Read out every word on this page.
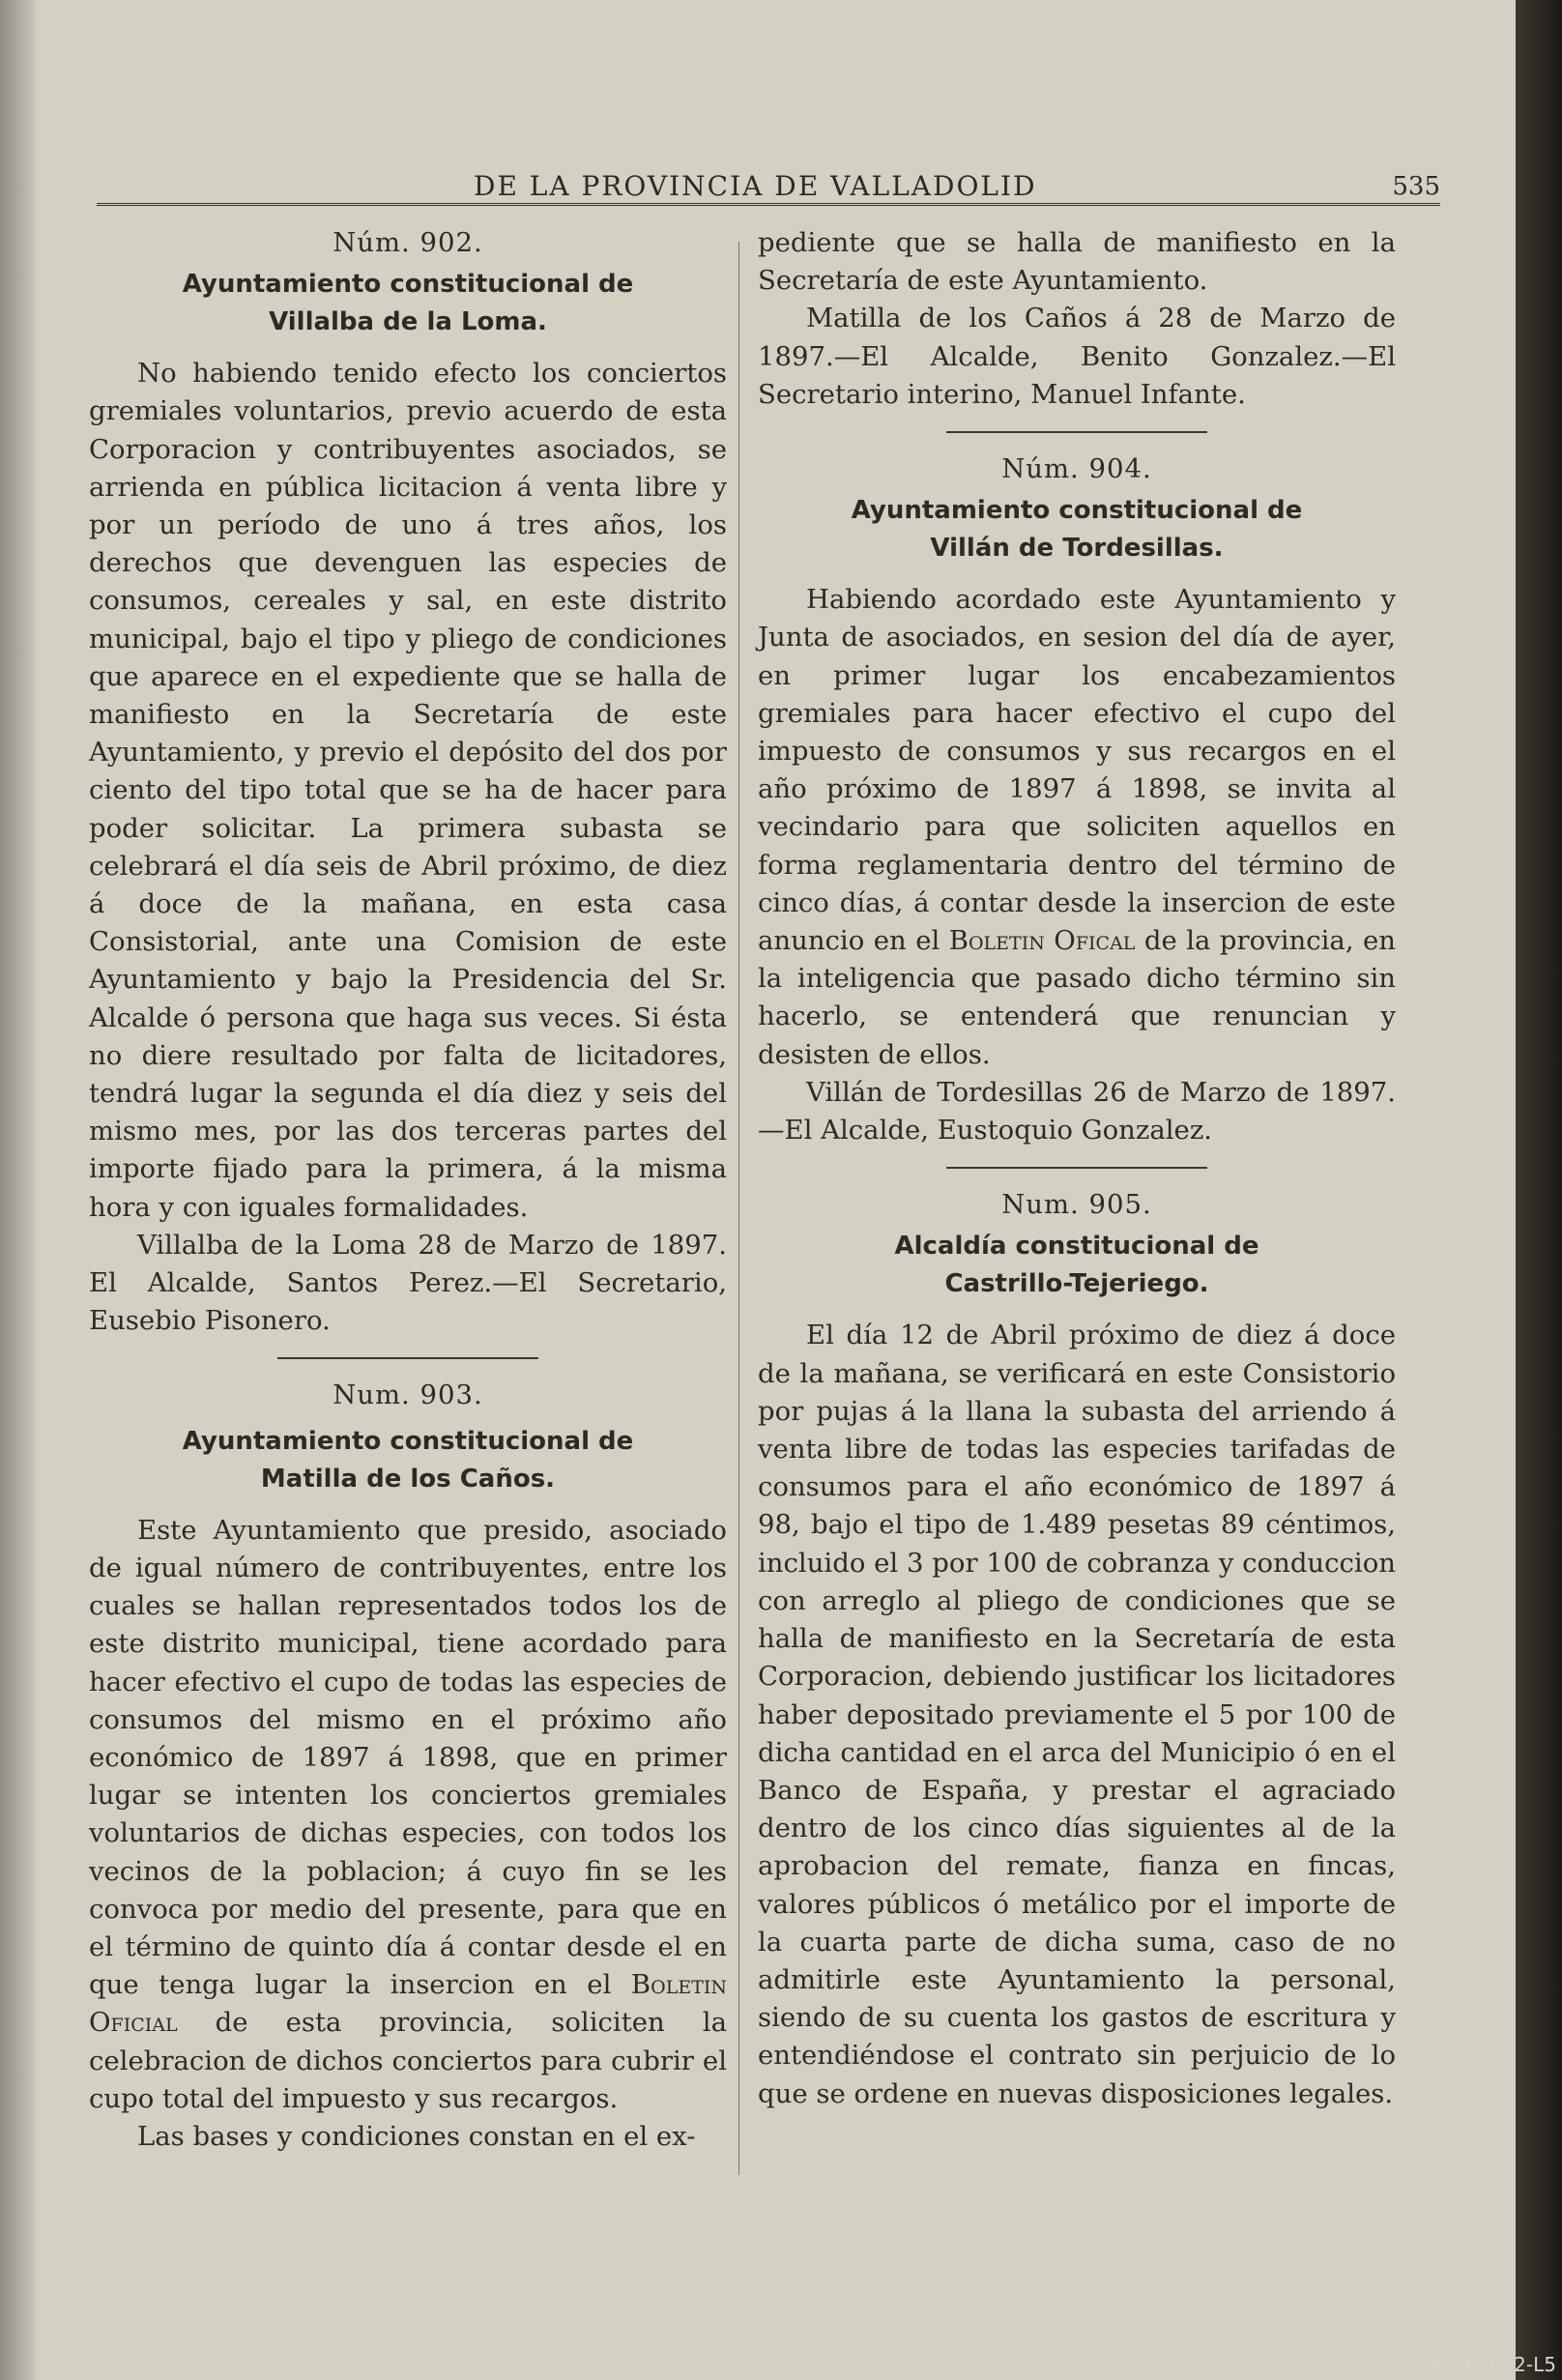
DE LA PROVINCIA DE VALLADOLID	535

Núm. 902.

Ayuntamiento constitucional de

Villalba de la Loma.

No habiendo tenido efecto los conciertos gremiales voluntarios, previo acuerdo de esta Corporacion y contribuyentes asociados, se arrienda en pública licitacion á venta libre y por un período de uno á tres años, los derechos que devenguen las especies de consumos, cereales y sal, en este distrito municipal, bajo el tipo y pliego de condiciones que aparece en el expediente que se halla de manifiesto en la Secretaría de este Ayuntamiento, y previo el depósito del dos por ciento del tipo total que se ha de hacer para poder solicitar. La primera subasta se celebrará el día seis de Abril próximo, de diez á doce de la mañana, en esta casa Consistorial, ante una Comision de este Ayuntamiento y bajo la Presidencia del Sr. Alcalde ó persona que haga sus veces. Si ésta no diere resultado por falta de licitadores, tendrá lugar la segunda el día diez y seis del mismo mes, por las dos terceras partes del importe fijado para la primera, á la misma hora y con iguales formalidades.

Villalba de la Loma 28 de Marzo de 1897. El Alcalde, Santos Perez.—El Secretario, Eusebio Pisonero.

Num. 903.

Ayuntamiento constitucional de

Matilla de los Caños.

Este Ayuntamiento que presido, asociado de igual número de contribuyentes, entre los cuales se hallan representados todos los de este distrito municipal, tiene acordado para hacer efectivo el cupo de todas las especies de consumos del mismo en el próximo año económico de 1897 á 1898, que en primer lugar se intenten los conciertos gremiales voluntarios de dichas especies, con todos los vecinos de la poblacion; á cuyo fin se les convoca por medio del presente, para que en el término de quinto día á contar desde el en que tenga lugar la insercion en el Boletin Oficial de esta provincia, soliciten la celebracion de dichos conciertos para cubrir el cupo total del impuesto y sus recargos.

Las bases y condiciones constan en el ex-

pediente que se halla de manifiesto en la Secretaría de este Ayuntamiento.

Matilla de los Caños á 28 de Marzo de 1897.—El Alcalde, Benito Gonzalez.—El Secretario interino, Manuel Infante.

Núm. 904.

Ayuntamiento constitucional de

Villán de Tordesillas.

Habiendo acordado este Ayuntamiento y Junta de asociados, en sesion del día de ayer, en primer lugar los encabezamientos gremiales para hacer efectivo el cupo del impuesto de consumos y sus recargos en el año próximo de 1897 á 1898, se invita al vecindario para que soliciten aquellos en forma reglamentaria dentro del término de cinco días, á contar desde la insercion de este anuncio en el Boletin Ofical de la provincia, en la inteligencia que pasado dicho término sin hacerlo, se entenderá que renuncian y desisten de ellos.

Villán de Tordesillas 26 de Marzo de 1897. —El Alcalde, Eustoquio Gonzalez.

Num. 905.

Alcaldía constitucional de

Castrillo-Tejeriego.

El día 12 de Abril próximo de diez á doce de la mañana, se verificará en este Consistorio por pujas á la llana la subasta del arriendo á venta libre de todas las especies tarifadas de consumos para el año económico de 1897 á 98, bajo el tipo de 1.489 pesetas 89 céntimos, incluido el 3 por 100 de cobranza y conduccion con arreglo al pliego de condiciones que se halla de manifiesto en la Secretaría de esta Corporacion, debiendo justificar los licitadores haber depositado previamente el 5 por 100 de dicha cantidad en el arca del Municipio ó en el Banco de España, y prestar el agraciado dentro de los cinco días siguientes al de la aprobacion del remate, fianza en fincas, valores públicos ó metálico por el importe de la cuarta parte de dicha suma, caso de no admitirle este Ayuntamiento la personal, siendo de su cuenta los gastos de escritura y entendiéndose el contrato sin perjuicio de lo que se ordene en nuevas disposiciones legales.

MCD 2022-L5
